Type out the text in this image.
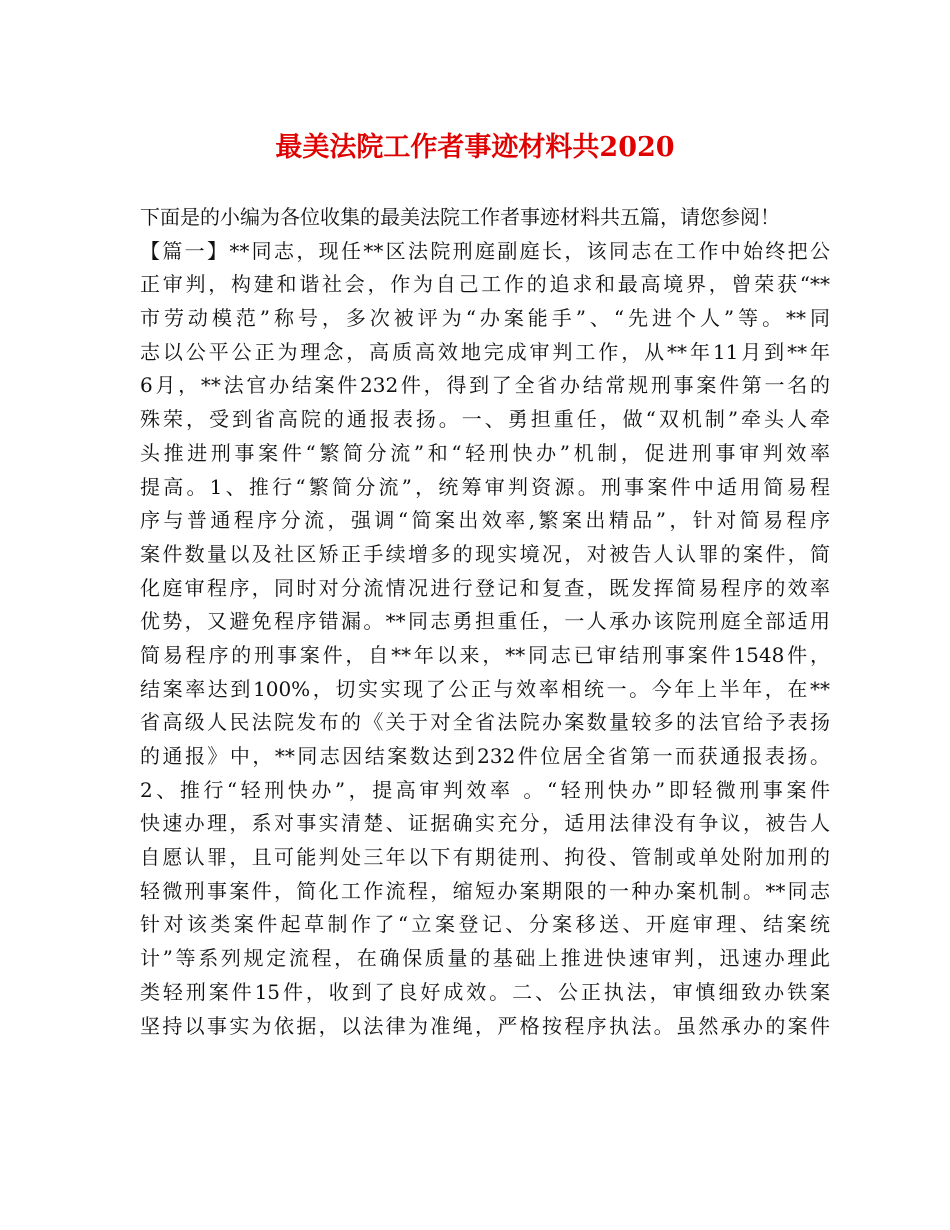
最美法院工作者事迹材料共2020
下面是的小编为各位收集的最美法院工作者事迹材料共五篇，请您参阅！
【篇一】**同志，现任**区法院刑庭副庭长，该同志在工作中始终把公
正审判，构建和谐社会，作为自己工作的追求和最高境界，曾荣获“**
市劳动模范”称号，多次被评为“办案能手”、“先进个人”等。**同
志以公平公正为理念，高质高效地完成审判工作，从**年11月到**年
6月，**法官办结案件232件，得到了全省办结常规刑事案件第一名的
殊荣，受到省高院的通报表扬。一、勇担重任，做“双机制”牵头人牵
头推进刑事案件“繁简分流”和“轻刑快办”机制，促进刑事审判效率
提高。1、推行“繁简分流”，统筹审判资源。刑事案件中适用简易程
序与普通程序分流，强调“简案出效率,繁案出精品”，针对简易程序
案件数量以及社区矫正手续增多的现实境况，对被告人认罪的案件，简
化庭审程序，同时对分流情况进行登记和复查，既发挥简易程序的效率
优势，又避免程序错漏。**同志勇担重任，一人承办该院刑庭全部适用
简易程序的刑事案件，自**年以来，**同志已审结刑事案件1548件，
结案率达到100%，切实实现了公正与效率相统一。今年上半年，在**
省高级人民法院发布的《关于对全省法院办案数量较多的法官给予表扬
的通报》中，**同志因结案数达到232件位居全省第一而获通报表扬。
2、推行“轻刑快办”，提高审判效率 。“轻刑快办”即轻微刑事案件
快速办理，系对事实清楚、证据确实充分，适用法律没有争议，被告人
自愿认罪，且可能判处三年以下有期徒刑、拘役、管制或单处附加刑的
轻微刑事案件，简化工作流程，缩短办案期限的一种办案机制。**同志
针对该类案件起草制作了“立案登记、分案移送、开庭审理、结案统
计”等系列规定流程，在确保质量的基础上推进快速审判，迅速办理此
类轻刑案件15件，收到了良好成效。二、公正执法，审慎细致办铁案
坚持以事实为依据，以法律为准绳，严格按程序执法。虽然承办的案件
